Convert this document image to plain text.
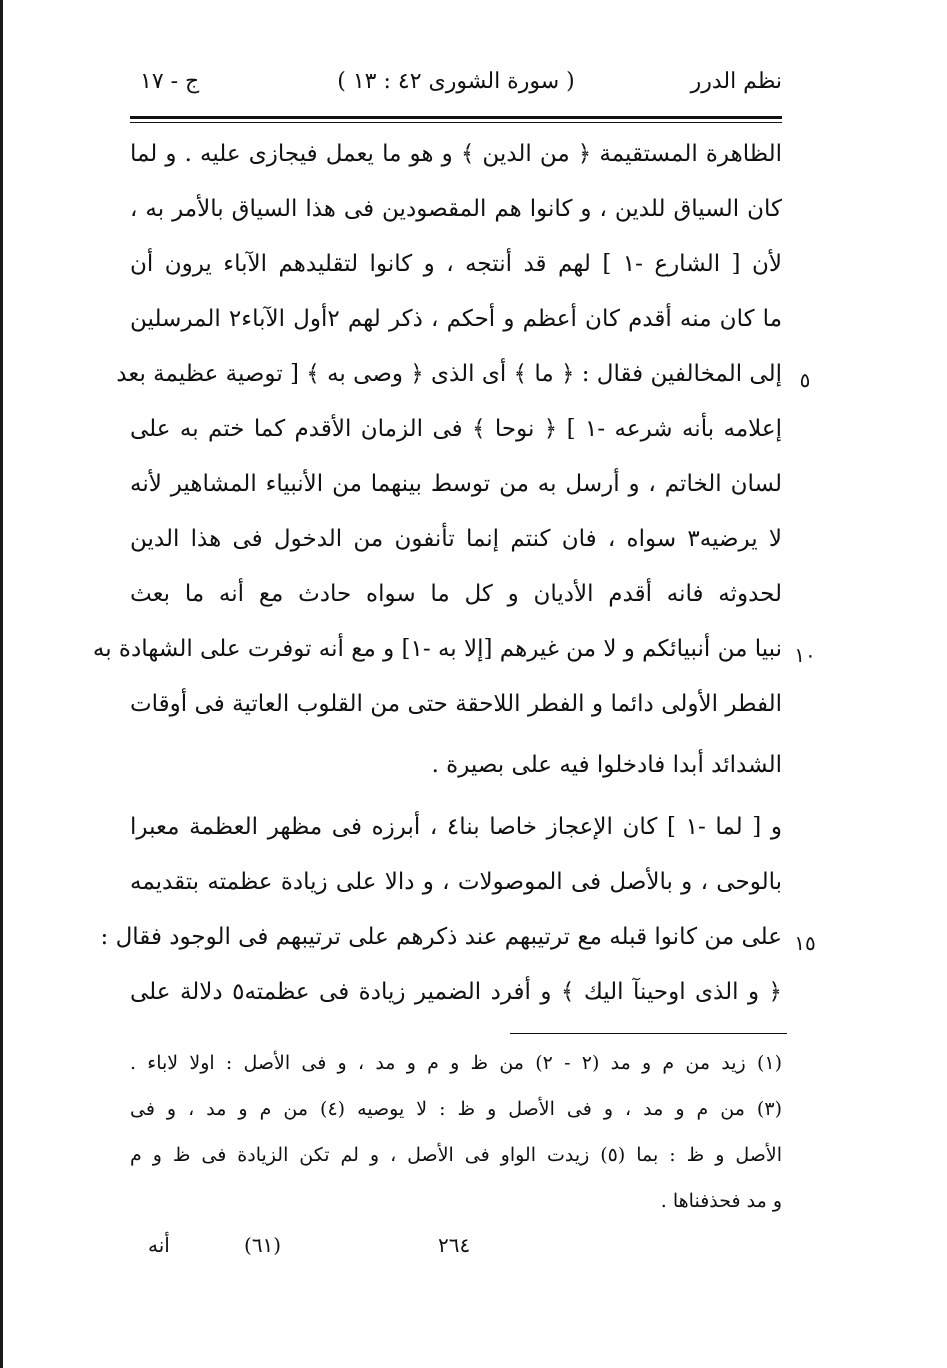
نظم الدرر
( سورة الشورى ٤٢ : ١٣ )
ج - ١٧
الظاهرة المستقيمة ﴿ من الدين ﴾ و هو ما يعمل فيجازى عليه . و لما
كان السياق للدين ، و كانوا هم المقصودين فى هذا السياق بالأمر به ،
لأن [ الشارع -١ ] لهم قد أنتجه ، و كانوا لتقليدهم الآباء يرون أن
ما كان منه أقدم كان أعظم و أحكم ، ذكر لهم ٢أول الآباء٢ المرسلين
إلى المخالفين فقال : ﴿ ما ﴾ أى الذى ﴿ وصى به ﴾ [ توصية عظيمة بعد ٥
إعلامه بأنه شرعه -١ ] ﴿ نوحا ﴾ فى الزمان الأقدم كما ختم به على
لسان الخاتم ، و أرسل به من توسط بينهما من الأنبياء المشاهير لأنه
لا يرضيه٣ سواه ، فان كنتم إنما تأنفون من الدخول فى هذا الدين
لحدوثه فانه أقدم الأديان و كل ما سواه حادث مع أنه ما بعث
نبيا من أنبيائكم و لا من غيرهم [إلا به -١] و مع أنه توفرت على الشهادة به ١٠
الفطر الأولى دائما و الفطر اللاحقة حتى من القلوب العاتية فى أوقات
الشدائد أبدا فادخلوا فيه على بصيرة .
و [ لما -١ ] كان الإعجاز خاصا بنا٤ ، أبرزه فى مظهر العظمة معبرا
بالوحى ، و بالأصل فى الموصولات ، و دالا على زيادة عظمته بتقديمه
على من كانوا قبله مع ترتيبهم عند ذكرهم على ترتيبهم فى الوجود فقال : ١٥
﴿ و الذى اوحينآ اليك ﴾ و أفرد الضمير زيادة فى عظمته٥ دلالة على
(١) زيد من م و مد (٢ - ٢) من ظ و م و مد ، و فى الأصل : اولا لاباء .
(٣) من م و مد ، و فى الأصل و ظ : لا يوصيه (٤) من م و مد ، و فى
الأصل و ظ : بما (٥) زيدت الواو فى الأصل ، و لم تكن الزيادة فى ظ و م
و مد فحذفناها .
أنه	(٦١)	٢٦٤
